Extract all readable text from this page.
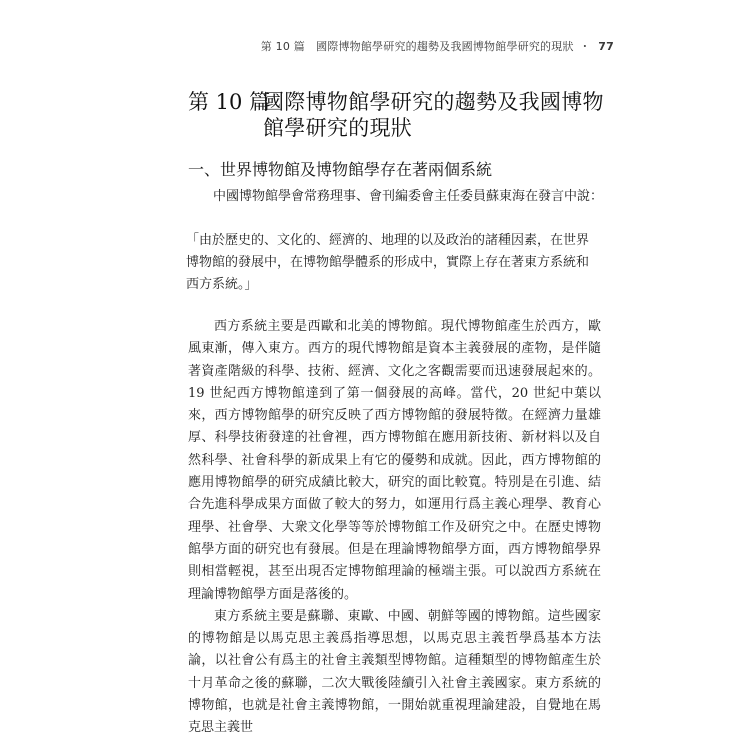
第 10 篇 國際博物館學研究的趨勢及我國博物館學研究的現狀 ・ 77
第 10 篇
國際博物館學研究的趨勢及我國博物館學研究的現狀
一、世界博物館及博物館學存在著兩個系統
中國博物館學會常務理事、會刊編委會主任委員蘇東海在發言中說：
「由於歷史的、文化的、經濟的、地理的以及政治的諸種因素，在世界博物館的發展中，在博物館學體系的形成中，實際上存在著東方系統和西方系統。」

西方系統主要是西歐和北美的博物館。現代博物館產生於西方，歐風東漸，傳入東方。西方的現代博物館是資本主義發展的產物，是伴隨著資產階級的科學、技術、經濟、文化之客觀需要而迅速發展起來的。19 世紀西方博物館達到了第一個發展的高峰。當代，20 世紀中葉以來，西方博物館學的研究反映了西方博物館的發展特徵。在經濟力量雄厚、科學技術發達的社會裡，西方博物館在應用新技術、新材料以及自然科學、社會科學的新成果上有它的優勢和成就。因此，西方博物館的應用博物館學的研究成績比較大，研究的面比較寬。特別是在引進、結合先進科學成果方面做了較大的努力，如運用行爲主義心理學、教育心理學、社會學、大衆文化學等等於博物館工作及研究之中。在歷史博物館學方面的研究也有發展。但是在理論博物館學方面，西方博物館學界則相當輕視，甚至出現否定博物館理論的極端主張。可以說西方系統在理論博物館學方面是落後的。

東方系統主要是蘇聯、東歐、中國、朝鮮等國的博物館。這些國家的博物館是以馬克思主義爲指導思想，以馬克思主義哲學爲基本方法論，以社會公有爲主的社會主義類型博物館。這種類型的博物館產生於十月革命之後的蘇聯，二次大戰後陸續引入社會主義國家。東方系統的博物館，也就是社會主義博物館，一開始就重視理論建設，自覺地在馬克思主義世
